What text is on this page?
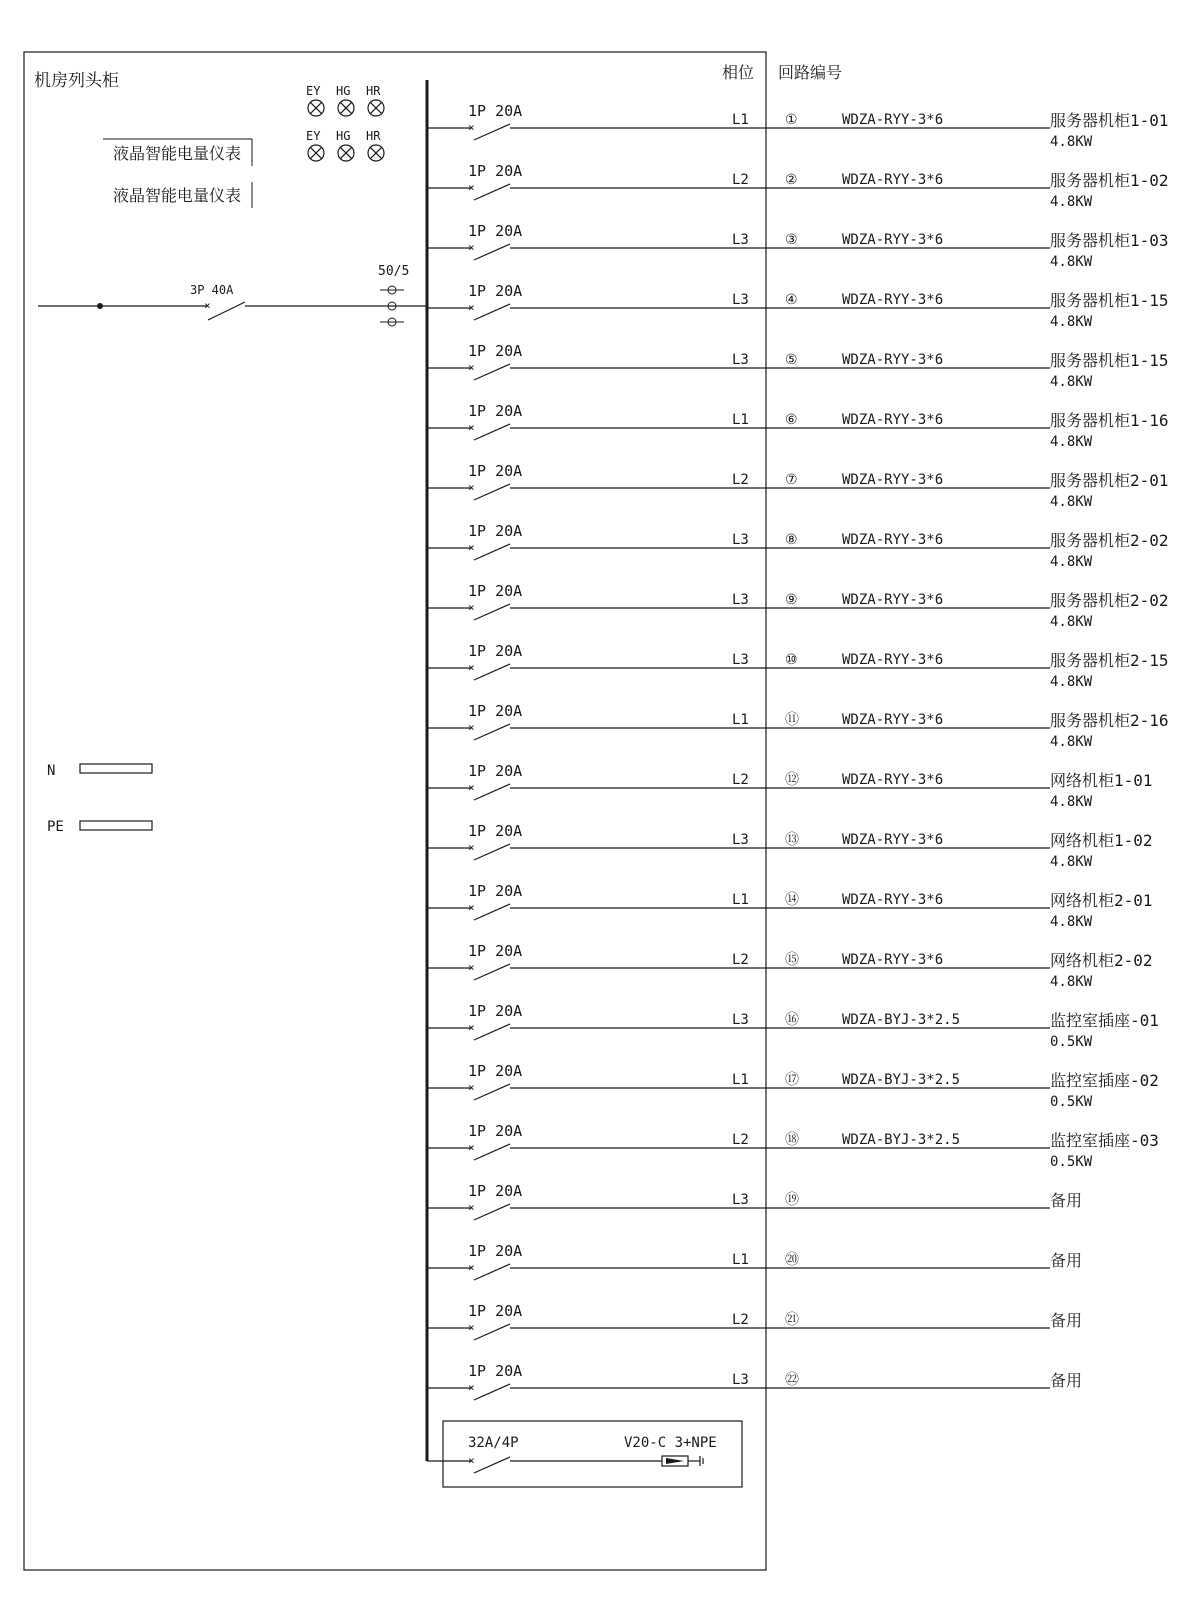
机房列头柜	EY HG HR
EY HG HR
液晶智能电量仪表
液晶智能电量仪表
×
3P 40A
50/5
N
PE
相位 回路编号
×
1P 20A	L1	①	WDZA-RYY-3*6	服务器机柜1-01
4.8KW
×
1P 20A	L2	②	WDZA-RYY-3*6	服务器机柜1-02
4.8KW
×
1P 20A	L3	③	WDZA-RYY-3*6	服务器机柜1-03
4.8KW
×
1P 20A	L3	④	WDZA-RYY-3*6	服务器机柜1-15
4.8KW
×
1P 20A	L3	⑤	WDZA-RYY-3*6	服务器机柜1-15
4.8KW
×
1P 20A	L1	⑥	WDZA-RYY-3*6	服务器机柜1-16
4.8KW
×
1P 20A	L2	⑦	WDZA-RYY-3*6	服务器机柜2-01
4.8KW
×
1P 20A	L3	⑧	WDZA-RYY-3*6	服务器机柜2-02
4.8KW
×
1P 20A	L3	⑨	WDZA-RYY-3*6	服务器机柜2-02
4.8KW
×
1P 20A	L3	⑩	WDZA-RYY-3*6	服务器机柜2-15
4.8KW
×
1P 20A	L1	⑪	WDZA-RYY-3*6	服务器机柜2-16
4.8KW
×
1P 20A	L2	⑫	WDZA-RYY-3*6	网络机柜1-01
4.8KW
×
1P 20A	L3	⑬	WDZA-RYY-3*6	网络机柜1-02
4.8KW
×
1P 20A	L1	⑭	WDZA-RYY-3*6	网络机柜2-01
4.8KW
×
1P 20A	L2	⑮	WDZA-RYY-3*6	网络机柜2-02
4.8KW
×
1P 20A	L3	⑯	WDZA-BYJ-3*2.5	监控室插座-01
0.5KW
×
1P 20A	L1	⑰	WDZA-BYJ-3*2.5	监控室插座-02
0.5KW
×
1P 20A	L2	⑱	WDZA-BYJ-3*2.5	监控室插座-03
0.5KW
×
1P 20A	L3	⑲	备用
×
1P 20A	L1	⑳	备用
×
1P 20A	L2	㉑	备用
×
1P 20A	L3	㉒	备用
32A/4P	V20-C 3+NPE
×
